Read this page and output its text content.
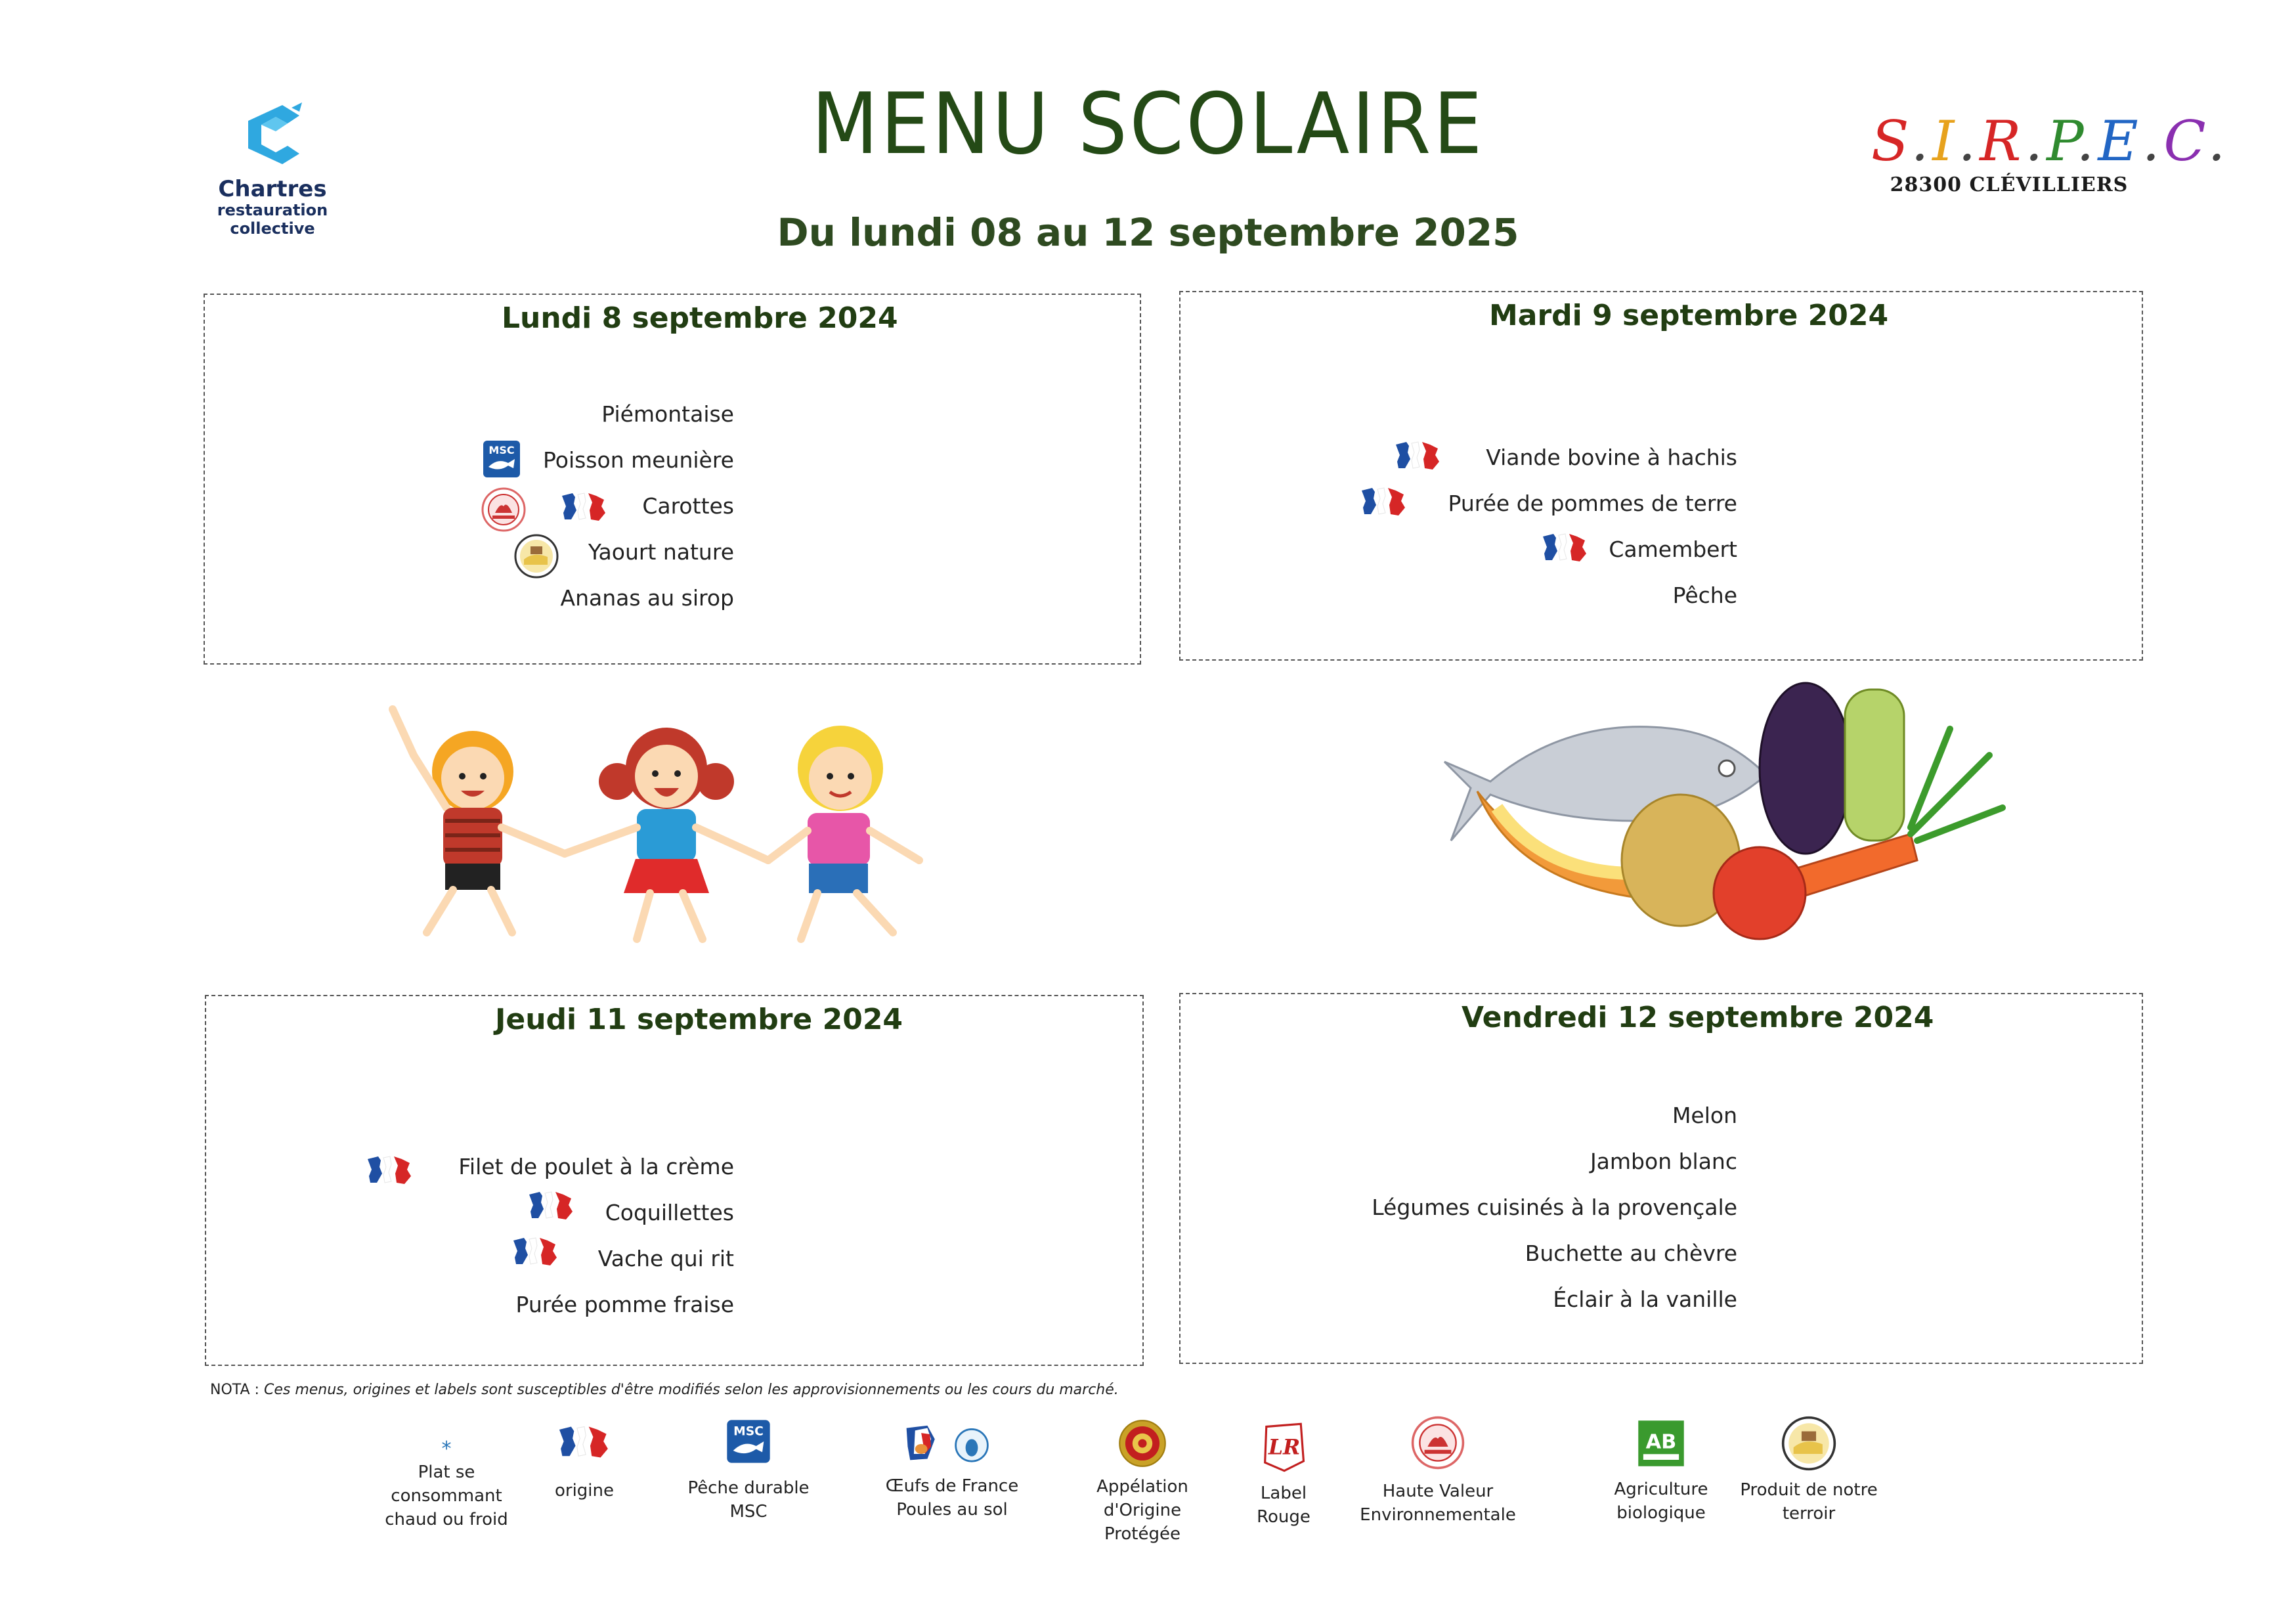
Chartres
restauration
collective
MENU SCOLAIRE
Du lundi 08 au 12 septembre 2025
S.I.R.P.E.C.
28300 CLÉVILLIERS
Lundi 8 septembre 2024
Piémontaise
Poisson meunière
Carottes
Yaourt nature
Ananas au sirop
Mardi 9 septembre 2024
Viande bovine à hachis
Purée de pommes de terre
Camembert
Pêche
Jeudi 11 septembre 2024
Filet de poulet à la crème
Coquillettes
Vache qui rit
Purée pomme fraise
Vendredi 12 septembre 2024
Melon
Jambon blanc
Légumes cuisinés à la provençale
Buchette au chèvre
Éclair à la vanille
NOTA : Ces menus, origines et labels sont susceptibles d'être modifiés selon les approvisionnements ou les cours du marché.
*
Plat se
consommant
chaud ou froid
origine	Pêche durable
MSC
Œufs de France
Poules au sol
Appélation
d'Origine
Protégée
Label
Rouge
Haute Valeur
Environnementale
Agriculture
biologique
Produit de notre
terroir
